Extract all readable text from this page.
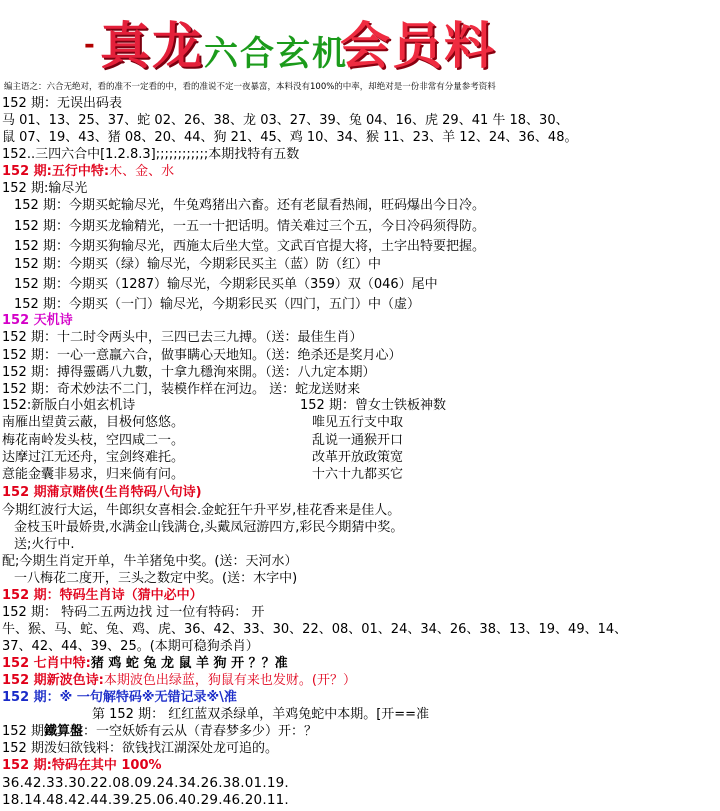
- 真龙 六合玄机
会员料
编主语之：六合无绝对，看的准不一定看的中，看的准说不定一夜暴富，本料没有100%的中率，却绝对是一份非常有分量参考资料
152 期：无误出码表
马 01、13、25、37、蛇 02、26、38、龙 03、27、39、兔 04、16、虎 29、41 牛 18、30、
鼠 07、19、43、猪 08、20、44、狗 21、45、鸡 10、34、猴 11、23、羊 12、24、36、48。
152..三四六合中[1.2.8.3];;;;;;;;;;;;本期找特有五数
152 期:五行中特:木、金、水
152 期:输尽光
152 期：今期买蛇输尽光，牛兔鸡猪出六畜。还有老鼠看热闹，旺码爆出今日冷。
152 期：今期买龙输精光，一五一十把话明。情关难过三个五，今日冷码须得防。
152 期：今期买狗输尽光，西施太后坐大堂。文武百官提大将，土字出特要把握。
152 期：今期买（绿）输尽光，今期彩民买主（蓝）防（红）中
152 期：今期买（1287）输尽光，今期彩民买单（359）双（046）尾中
152 期：今期买（一门）输尽光，今期彩民买（四门，五门）中（虚）
152 天机诗
152 期：十二时令两头中，三四已去三九搏。（送：最佳生肖）
152 期：一心一意羸六合，做事瞒心天地知。（送：绝杀还是奖月心）
152 期：搏得靈碼八九數，十拿九穩洵來開。（送：八九定本期）
152 期：奇术妙法不二门，装模作样在河边。 送：蛇龙送财来
152:新版白小姐玄机诗	152 期：曾女士铁板神数
南雁出望黄云蔽，目极何悠悠。	唯见五行支中取
梅花南岭发头枝，空四咸二一。	乱说一通猴开口
达摩过江无还舟，宝剑终难托。	改革开放政策宽
意能金囊非易求，归来倘有问。	十六十九都买它
152 期蒲京赌侠(生肖特码八句诗)
今期红波行大运，牛郎织女喜相会.金蛇狂午升平岁,桂花香来是佳人。
金枝玉叶最娇贵,水满金山钱满仓,头戴凤冠游四方,彩民今期猜中奖。
送;火行中.
配;今期生肖定开单，牛羊猪兔中奖。(送：天河水）
一八梅花二度开，三头之数定中奖。(送：木字中)
152 期：特码生肖诗（猜中必中）
152 期： 特码二五两边找 过一位有特码： 开
牛、猴、马、蛇、兔、鸡、虎、36、42、33、30、22、08、01、24、34、26、38、13、19、49、14、
37、42、44、39、25。(本期可稳狗杀肖）
152 七肖中特:猪 鸡 蛇 兔 龙 鼠 羊 狗 开 ？？准
152 期新波色诗:本期波色出绿蓝，狗鼠有来也发财。(开？）
152 期：※ 一句解特码※无错记录※\准
第 152 期： 红红蓝双杀绿单，羊鸡兔蛇中本期。[开==准
152 期鐵算盤：一空妖娇有云从（青春梦多少）开：？
152 期泼妇欲钱料：欲钱找江湖深处龙可追的。
152 期:特码在其中 100%
36.42.33.30.22.08.09.24.34.26.38.01.19.
18.14.48.42.44.39.25.06.40.29.46.20.11.
